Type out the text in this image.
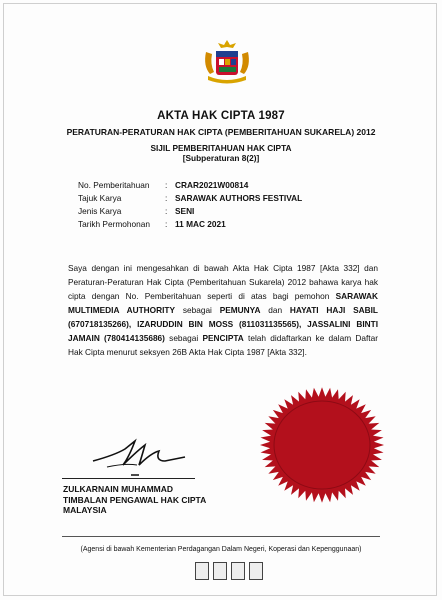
AKTA HAK CIPTA 1987
PERATURAN-PERATURAN HAK CIPTA (PEMBERITAHUAN SUKARELA) 2012
SIJIL PEMBERITAHUAN HAK CIPTA
[Subperaturan 8(2)]
No. Pemberitahuan	: CRAR2021W00814
Tajuk Karya	: SARAWAK AUTHORS FESTIVAL
Jenis Karya	: SENI
Tarikh Permohonan	: 11 MAC 2021
Saya dengan ini mengesahkan di bawah Akta Hak Cipta 1987 [Akta 332] dan Peraturan-Peraturan Hak Cipta (Pemberitahuan Sukarela) 2012 bahawa karya hak cipta dengan No. Pemberitahuan seperti di atas bagi pemohon SARAWAK MULTIMEDIA AUTHORITY sebagai PEMUNYA dan HAYATI HAJI SABIL (670718135266), IZARUDDIN BIN MOSS (811031135565), JASSALINI BINTI JAMAIN (780414135686) sebagai PENCIPTA telah didaftarkan ke dalam Daftar Hak Cipta menurut seksyen 26B Akta Hak Cipta 1987 [Akta 332].
ZULKARNAIN MUHAMMAD
TIMBALAN PENGAWAL HAK CIPTA
MALAYSIA
(Agensi di bawah Kementerian Perdagangan Dalam Negeri, Koperasi dan Kepenggunaan)
